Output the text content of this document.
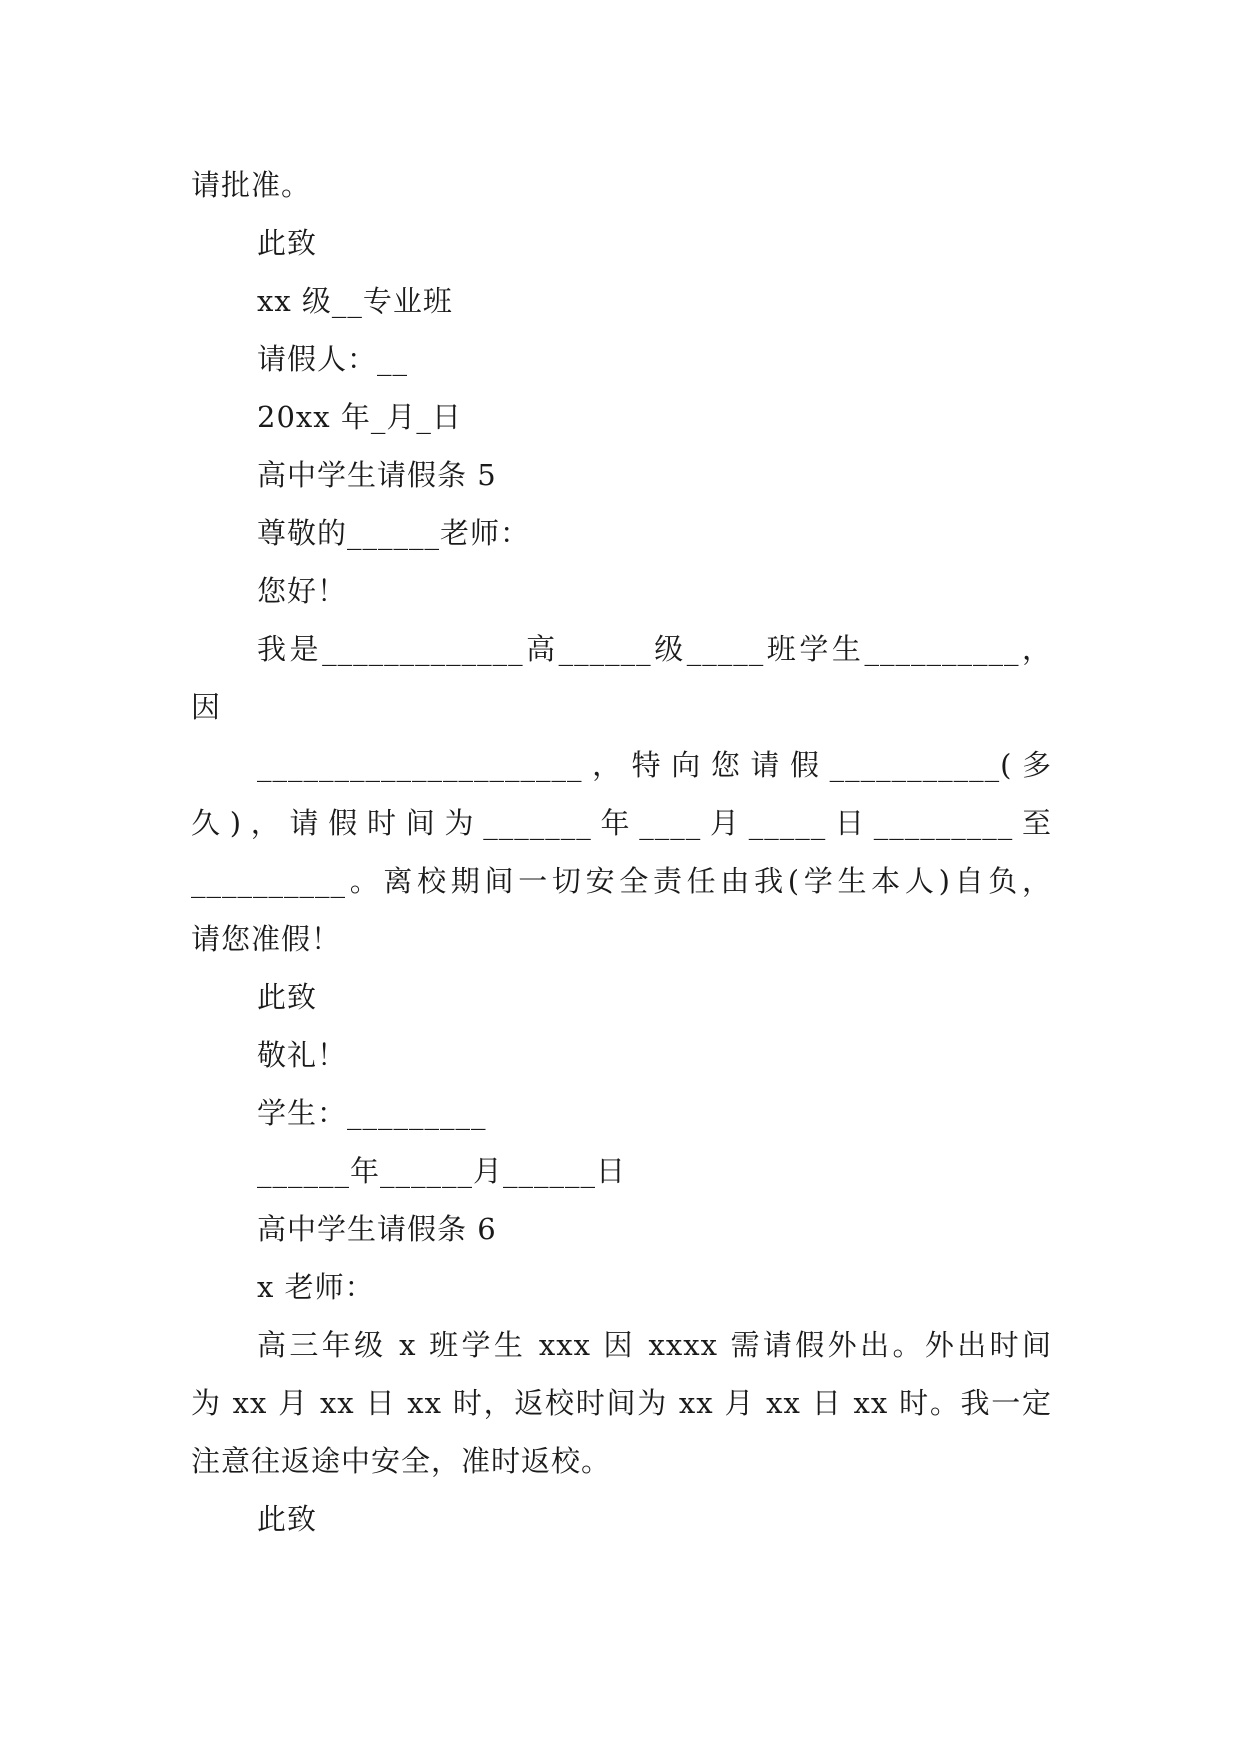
请批准。
此致
xx 级__专业班
请假人：__
20xx 年_月_日
高中学生请假条 5
尊敬的______老师：
您好！
我是_____________高______级_____班学生__________，
因
_____________________，特向您请假___________(多
久)，请假时间为_______年____月_____日_________至
__________。离校期间一切安全责任由我(学生本人)自负，
请您准假！
此致
敬礼！
学生：_________
______年______月______日
高中学生请假条 6
x 老师：
高三年级 x 班学生 xxx 因 xxxx 需请假外出。外出时间
为 xx 月 xx 日 xx 时，返校时间为 xx 月 xx 日 xx 时。我一定
注意往返途中安全，准时返校。
此致
